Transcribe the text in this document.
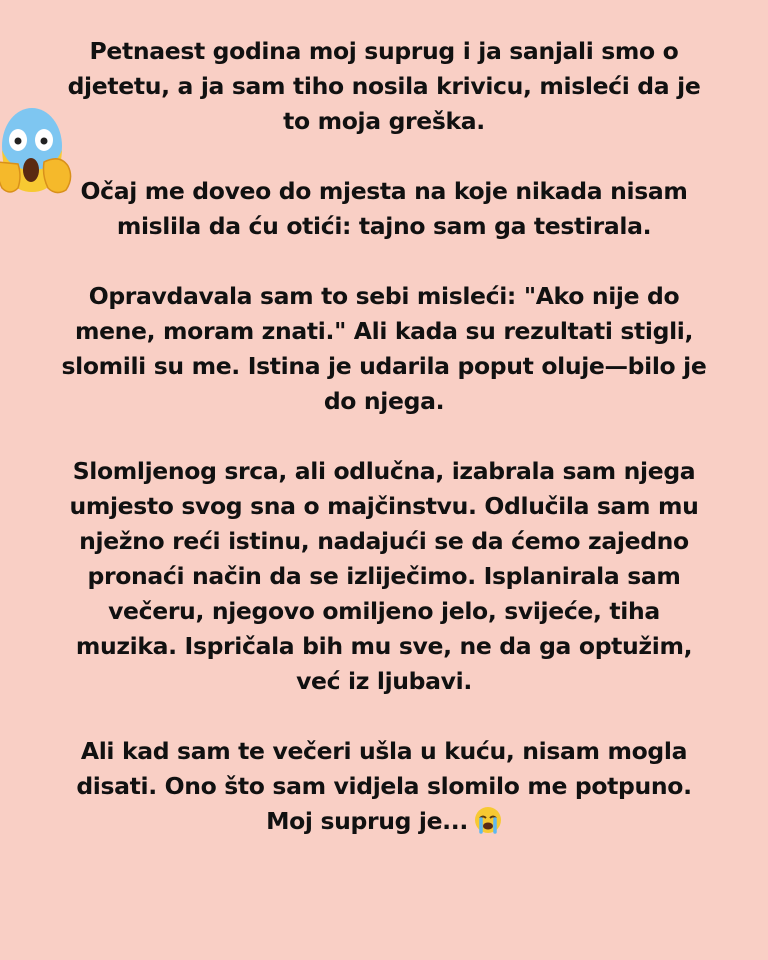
Petnaest godina moj suprug i ja sanjali smo o
djetetu, a ja sam tiho nosila krivicu, misleći da je
to moja greška.

Očaj me doveo do mjesta na koje nikada nisam
mislila da ću otići: tajno sam ga testirala.

Opravdavala sam to sebi misleći: "Ako nije do
mene, moram znati." Ali kada su rezultati stigli,
slomili su me. Istina je udarila poput oluje—bilo je
do njega.

Slomljenog srca, ali odlučna, izabrala sam njega
umjesto svog sna o majčinstvu. Odlučila sam mu
nježno reći istinu, nadajući se da ćemo zajedno
pronaći način da se izliječimo. Isplanirala sam
večeru, njegovo omiljeno jelo, svijeće, tiha
muzika. Ispričala bih mu sve, ne da ga optužim,
već iz ljubavi.

Ali kad sam te večeri ušla u kuću, nisam mogla
disati. Ono što sam vidjela slomilo me potpuno.
Moj suprug je...
